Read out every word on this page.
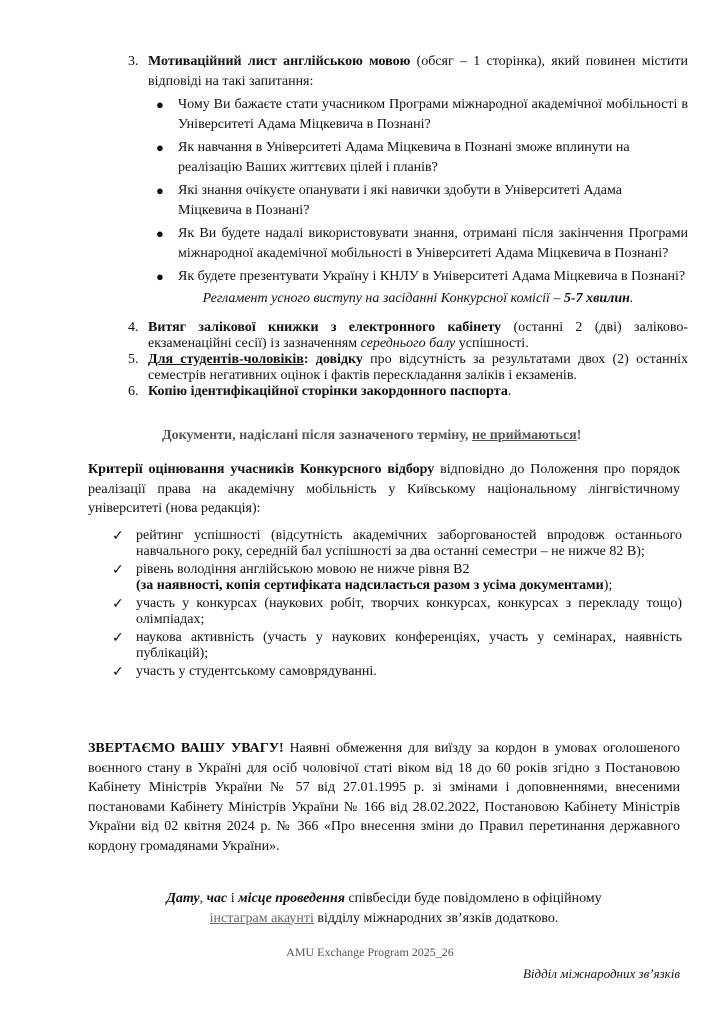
3. Мотиваційний лист англійською мовою (обсяг – 1 сторінка), який повинен містити відповіді на такі запитання:
● Чому Ви бажаєте стати учасником Програми міжнародної академічної мобільності в Університеті Адама Міцкевича в Познані?
● Як навчання в Університеті Адама Міцкевича в Познані зможе вплинути на реалізацію Ваших життєвих цілей і планів?
● Які знання очікуєте опанувати і які навички здобути в Університеті Адама Міцкевича в Познані?
● Як Ви будете надалі використовувати знання, отримані після закінчення Програми міжнародної академічної мобільності в Університеті Адама Міцкевича в Познані?
● Як будете презентувати Україну і КНЛУ в Університеті Адама Міцкевича в Познані?
Регламент усного виступу на засіданні Конкурсної комісії – 5-7 хвилин.
4. Витяг залікової книжки з електронного кабінету (останні 2 (дві) заліково-екзаменаційні сесії) із зазначенням середнього балу успішності.
5. Для студентів-чоловіків: довідку про відсутність за результатами двох (2) останніх семестрів негативних оцінок і фактів перескладання заліків і екзаменів.
6. Копію ідентифікаційної сторінки закордонного паспорта.
Документи, надіслані після зазначеного терміну, не приймаються!
Критерії оцінювання учасників Конкурсного відбору відповідно до Положення про порядок реалізації права на академічну мобільність у Київському національному лінгвістичному університеті (нова редакція):
✓ рейтинг успішності (відсутність академічних заборгованостей впродовж останнього навчального року, середній бал успішності за два останні семестри – не нижче 82 В);
✓ рівень володіння англійською мовою не нижче рівня В2
(за наявності, копія сертифіката надсилається разом з усіма документами);
✓ участь у конкурсах (наукових робіт, творчих конкурсах, конкурсах з перекладу тощо) олімпіадах;
✓ наукова активність (участь у наукових конференціях, участь у семінарах, наявність публікацій);
✓ участь у студентському самоврядуванні.
ЗВЕРТАЄМО ВАШУ УВАГУ! Наявні обмеження для виїзду за кордон в умовах оголошеного воєнного стану в Україні для осіб чоловічої статі віком від 18 до 60 років згідно з Постановою Кабінету Міністрів України № 57 від 27.01.1995 р. зі змінами і доповненнями, внесеними постановами Кабінету Міністрів України № 166 від 28.02.2022, Постановою Кабінету Міністрів України від 02 квітня 2024 р. № 366 «Про внесення зміни до Правил перетинання державного кордону громадянами України».
Дату, час і місце проведення співбесіди буде повідомлено в офіційному
інстаграм акаунті відділу міжнародних зв’язків додатково.
AMU Exchange Program 2025_26
Відділ міжнародних зв’язків
